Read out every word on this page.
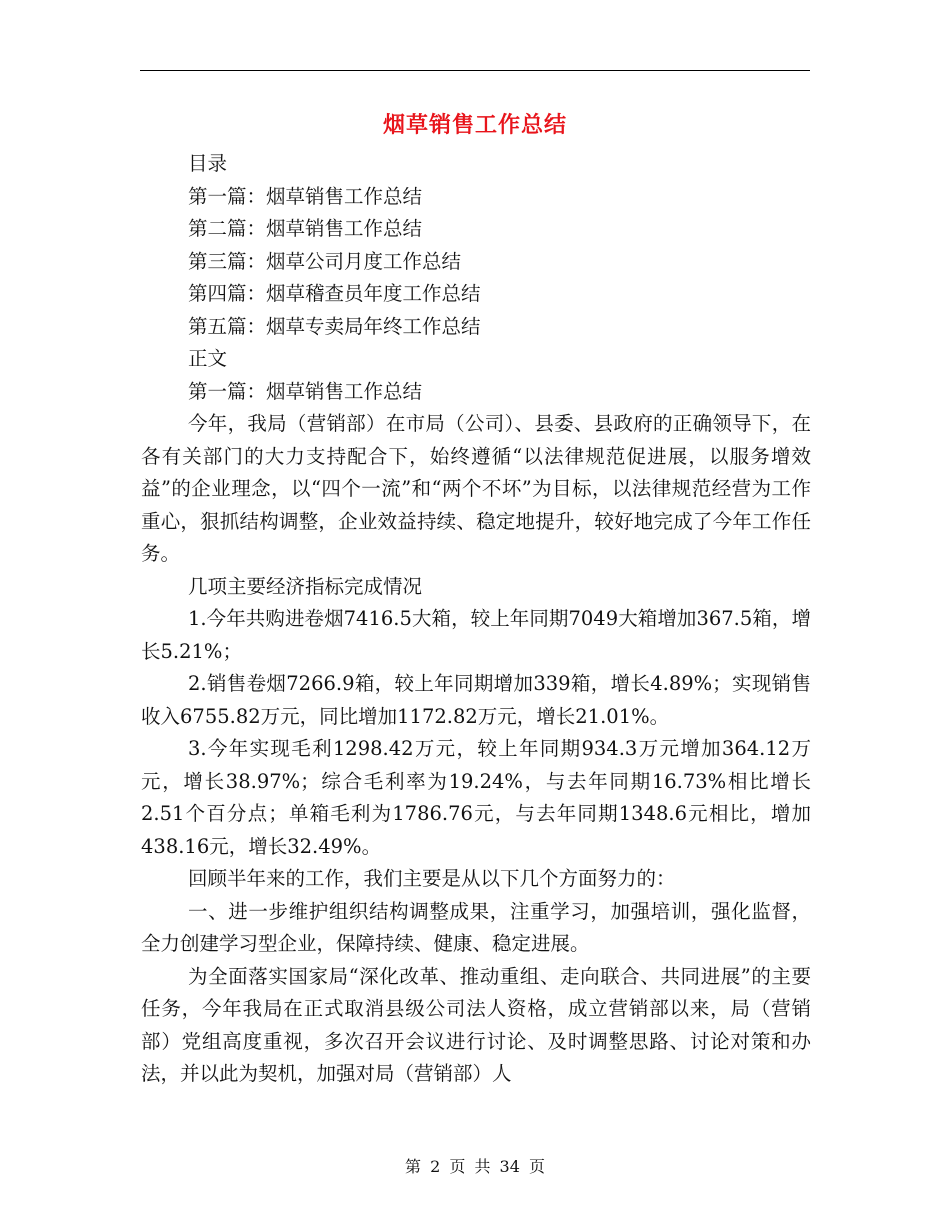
烟草销售工作总结

目录

第一篇：烟草销售工作总结

第二篇：烟草销售工作总结

第三篇：烟草公司月度工作总结

第四篇：烟草稽查员年度工作总结

第五篇：烟草专卖局年终工作总结

正文

第一篇：烟草销售工作总结

今年，我局（营销部）在市局（公司）、县委、县政府的正确领导下，在各有关部门的大力支持配合下，始终遵循“以法律规范促进展，以服务增效益”的企业理念，以“四个一流”和“两个不坏”为目标，以法律规范经营为工作重心，狠抓结构调整，企业效益持续、稳定地提升，较好地完成了今年工作任务。

几项主要经济指标完成情况

1.今年共购进卷烟7416.5大箱，较上年同期7049大箱增加367.5箱，增长5.21%；

2.销售卷烟7266.9箱，较上年同期增加339箱，增长4.89%；实现销售收入6755.82万元，同比增加1172.82万元，增长21.01%。

3.今年实现毛利1298.42万元，较上年同期934.3万元增加364.12万元，增长38.97%；综合毛利率为19.24%，与去年同期16.73%相比增长2.51个百分点；单箱毛利为1786.76元，与去年同期1348.6元相比，增加438.16元，增长32.49%。

回顾半年来的工作，我们主要是从以下几个方面努力的：

一、进一步维护组织结构调整成果，注重学习，加强培训，强化监督，全力创建学习型企业，保障持续、健康、稳定进展。

为全面落实国家局“深化改革、推动重组、走向联合、共同进展”的主要任务，今年我局在正式取消县级公司法人资格，成立营销部以来，局（营销部）党组高度重视，多次召开会议进行讨论、及时调整思路、讨论对策和办法，并以此为契机，加强对局（营销部）人

第 2 页 共 34 页
